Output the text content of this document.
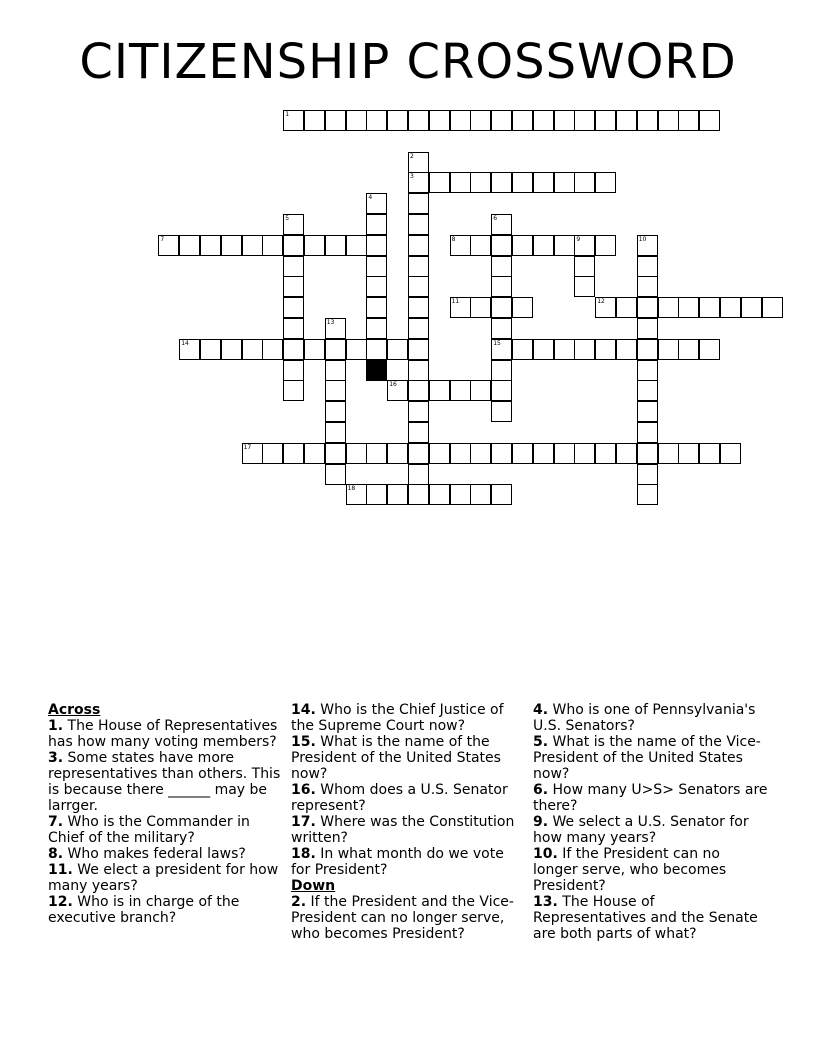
CITIZENSHIP CROSSWORD
1
2
3
4
5	6
15
7	8	9	10
11	12
13
14
16
17
18

Across

1. The House of Representatives has how many voting members?

3. Some states have more representatives than others. This is because there ______ may be larrger.

7. Who is the Commander in Chief of the military?

8. Who makes federal laws?

11. We elect a president for how many years?

12. Who is in charge of the executive branch?

14. Who is the Chief Justice of the Supreme Court now?

15. What is the name of the President of the United States now?

16. Whom does a U.S. Senator represent?

17. Where was the Constitution written?

18. In what month do we vote for President?

Down

2. If the President and the Vice-President can no longer serve, who becomes President?

4. Who is one of Pennsylvania's U.S. Senators?

5. What is the name of the Vice-President of the United States now?

6. How many U>S> Senators are there?

9. We select a U.S. Senator for how many years?

10. If the President can no longer serve, who becomes President?

13. The House of Representatives and the Senate are both parts of what?
